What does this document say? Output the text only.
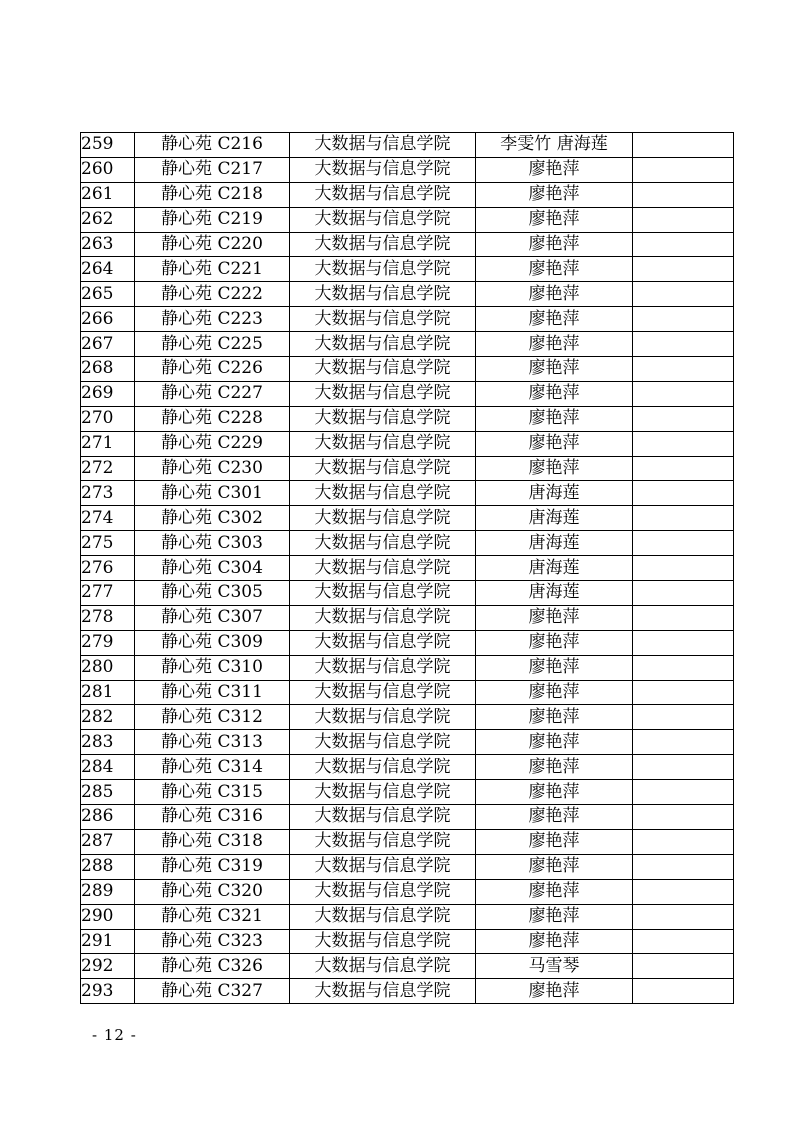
259	静心苑 C216	大数据与信息学院	李雯竹 唐海莲	
260	静心苑 C217	大数据与信息学院	廖艳萍	
261	静心苑 C218	大数据与信息学院	廖艳萍	
262	静心苑 C219	大数据与信息学院	廖艳萍	
263	静心苑 C220	大数据与信息学院	廖艳萍	
264	静心苑 C221	大数据与信息学院	廖艳萍	
265	静心苑 C222	大数据与信息学院	廖艳萍	
266	静心苑 C223	大数据与信息学院	廖艳萍	
267	静心苑 C225	大数据与信息学院	廖艳萍	
268	静心苑 C226	大数据与信息学院	廖艳萍	
269	静心苑 C227	大数据与信息学院	廖艳萍	
270	静心苑 C228	大数据与信息学院	廖艳萍	
271	静心苑 C229	大数据与信息学院	廖艳萍	
272	静心苑 C230	大数据与信息学院	廖艳萍	
273	静心苑 C301	大数据与信息学院	唐海莲	
274	静心苑 C302	大数据与信息学院	唐海莲	
275	静心苑 C303	大数据与信息学院	唐海莲	
276	静心苑 C304	大数据与信息学院	唐海莲	
277	静心苑 C305	大数据与信息学院	唐海莲	
278	静心苑 C307	大数据与信息学院	廖艳萍	
279	静心苑 C309	大数据与信息学院	廖艳萍	
280	静心苑 C310	大数据与信息学院	廖艳萍	
281	静心苑 C311	大数据与信息学院	廖艳萍	
282	静心苑 C312	大数据与信息学院	廖艳萍	
283	静心苑 C313	大数据与信息学院	廖艳萍	
284	静心苑 C314	大数据与信息学院	廖艳萍	
285	静心苑 C315	大数据与信息学院	廖艳萍	
286	静心苑 C316	大数据与信息学院	廖艳萍	
287	静心苑 C318	大数据与信息学院	廖艳萍	
288	静心苑 C319	大数据与信息学院	廖艳萍	
289	静心苑 C320	大数据与信息学院	廖艳萍	
290	静心苑 C321	大数据与信息学院	廖艳萍	
291	静心苑 C323	大数据与信息学院	廖艳萍	
292	静心苑 C326	大数据与信息学院	马雪琴	
293	静心苑 C327	大数据与信息学院	廖艳萍	
- 12 -
